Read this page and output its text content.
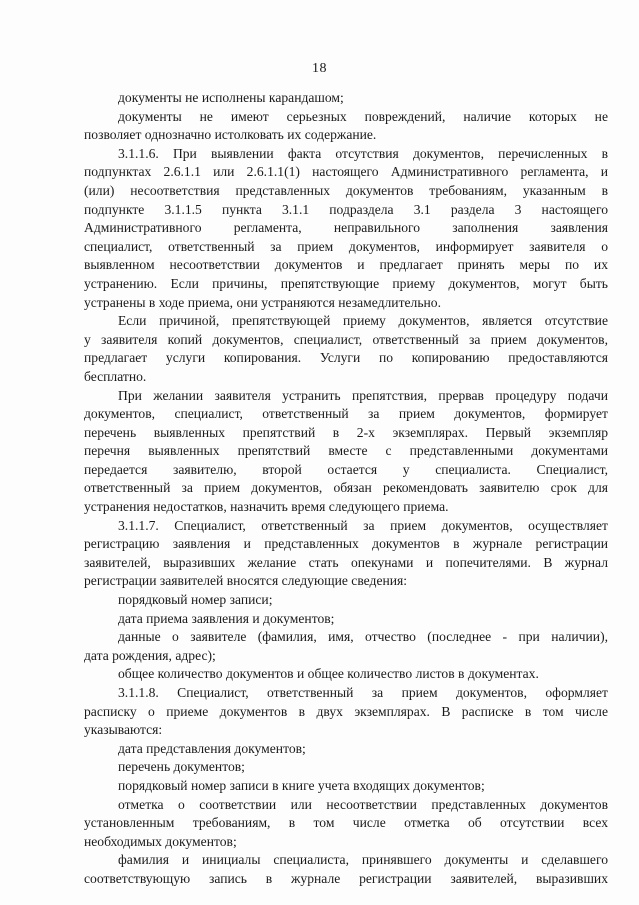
18
документы не исполнены карандашом;
документы не имеют серьезных повреждений, наличие которых не
позволяет однозначно истолковать их содержание.
3.1.1.6. При выявлении факта отсутствия документов, перечисленных в
подпунктах 2.6.1.1 или 2.6.1.1(1) настоящего Административного регламента, и
(или) несоответствия представленных документов требованиям, указанным в
подпункте 3.1.1.5 пункта 3.1.1 подраздела 3.1 раздела 3 настоящего
Административного регламента, неправильного заполнения заявления
специалист, ответственный за прием документов, информирует заявителя о
выявленном несоответствии документов и предлагает принять меры по их
устранению. Если причины, препятствующие приему документов, могут быть
устранены в ходе приема, они устраняются незамедлительно.
Если причиной, препятствующей приему документов, является отсутствие
у заявителя копий документов, специалист, ответственный за прием документов,
предлагает услуги копирования. Услуги по копированию предоставляются
бесплатно.
При желании заявителя устранить препятствия, прервав процедуру подачи
документов, специалист, ответственный за прием документов, формирует
перечень выявленных препятствий в 2-х экземплярах. Первый экземпляр
перечня выявленных препятствий вместе с представленными документами
передается заявителю, второй остается у специалиста. Специалист,
ответственный за прием документов, обязан рекомендовать заявителю срок для
устранения недостатков, назначить время следующего приема.
3.1.1.7. Специалист, ответственный за прием документов, осуществляет
регистрацию заявления и представленных документов в журнале регистрации
заявителей, выразивших желание стать опекунами и попечителями. В журнал
регистрации заявителей вносятся следующие сведения:
порядковый номер записи;
дата приема заявления и документов;
данные о заявителе (фамилия, имя, отчество (последнее - при наличии),
дата рождения, адрес);
общее количество документов и общее количество листов в документах.
3.1.1.8. Специалист, ответственный за прием документов, оформляет
расписку о приеме документов в двух экземплярах. В расписке в том числе
указываются:
дата представления документов;
перечень документов;
порядковый номер записи в книге учета входящих документов;
отметка о соответствии или несоответствии представленных документов
установленным требованиям, в том числе отметка об отсутствии всех
необходимых документов;
фамилия и инициалы специалиста, принявшего документы и сделавшего
соответствующую запись в журнале регистрации заявителей, выразивших
